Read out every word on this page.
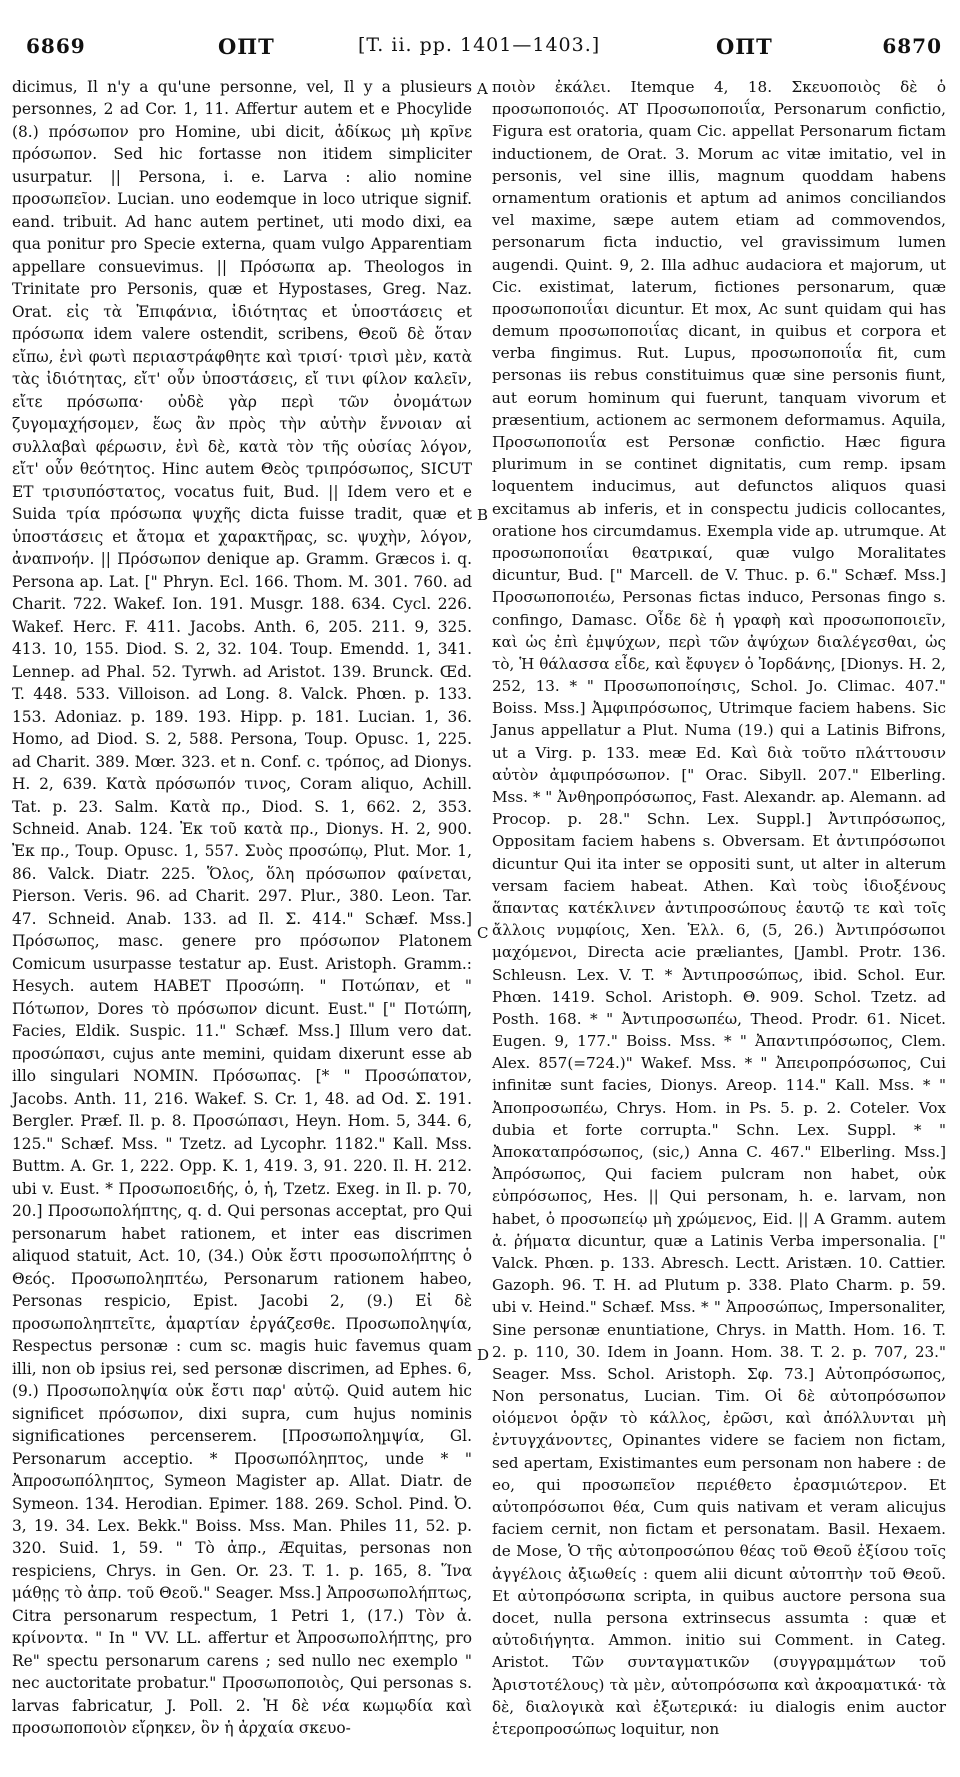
6869	ΟΠΤ	[T. ii. pp. 1401—1403.]	ΟΠΤ	6870
A
B
C
D

dicimus, Il n'y a qu'une personne, vel, Il y a plusieurs personnes, 2 ad Cor. 1, 11. Affertur autem et e Phocylide (8.) πρόσωπον pro Homine, ubi dicit, ἀδίκως μὴ κρῖνε πρόσωπον. Sed hic fortasse non itidem simpliciter usurpatur. || Persona, i. e. Larva : alio nomine προσωπεῖον. Lucian. uno eodemque in loco utrique signif. eand. tribuit. Ad hanc autem pertinet, uti modo dixi, ea qua ponitur pro Specie externa, quam vulgo Apparentiam appellare consuevimus. || Πρόσωπα ap. Theologos in Trinitate pro Personis, quæ et Hypostases, Greg. Naz. Orat. εἰς τὰ Ἐπιφάνια, ἰδιότητας et ὑποστάσεις et πρόσωπα idem valere ostendit, scribens, Θεοῦ δὲ ὅταν εἴπω, ἑνὶ φωτὶ περιαστράφθητε καὶ τρισί· τρισὶ μὲν, κατὰ τὰς ἰδιότητας, εἴτ' οὖν ὑποστάσεις, εἴ τινι φίλον καλεῖν, εἴτε πρόσωπα· οὐδὲ γὰρ περὶ τῶν ὀνομάτων ζυγομαχήσομεν, ἕως ἂν πρὸς τὴν αὐτὴν ἔννοιαν αἱ συλλαβαὶ φέρωσιν, ἑνὶ δὲ, κατὰ τὸν τῆς οὐσίας λόγον, εἴτ' οὖν θεότητος. Hinc autem Θεὸς τριπρόσωπος, SICUT ET τρισυπόστατος, vocatus fuit, Bud. || Idem vero et e Suida τρία πρόσωπα ψυχῆς dicta fuisse tradit, quæ et ὑποστάσεις et ἄτομα et χαρακτῆρας, sc. ψυχὴν, λόγον, ἀναπνοήν. || Πρόσωπον denique ap. Gramm. Græcos i. q. Persona ap. Lat. [" Phryn. Ecl. 166. Thom. M. 301. 760. ad Charit. 722. Wakef. Ion. 191. Musgr. 188. 634. Cycl. 226. Wakef. Herc. F. 411. Jacobs. Anth. 6, 205. 211. 9, 325. 413. 10, 155. Diod. S. 2, 32. 104. Toup. Emendd. 1, 341. Lennep. ad Phal. 52. Tyrwh. ad Aristot. 139. Brunck. Œd. T. 448. 533. Villoison. ad Long. 8. Valck. Phœn. p. 133. 153. Adoniaz. p. 189. 193. Hipp. p. 181. Lucian. 1, 36. Homo, ad Diod. S. 2, 588. Persona, Toup. Opusc. 1, 225. ad Charit. 389. Mœr. 323. et n. Conf. c. τρόπος, ad Dionys. H. 2, 639. Κατὰ πρόσωπόν τινος, Coram aliquo, Achill. Tat. p. 23. Salm. Κατὰ πρ., Diod. S. 1, 662. 2, 353. Schneid. Anab. 124. Ἐκ τοῦ κατὰ πρ., Dionys. H. 2, 900. Ἐκ πρ., Toup. Opusc. 1, 557. Συὸς προσώπῳ, Plut. Mor. 1, 86. Valck. Diatr. 225. Ὅλος, ὅλη πρόσωπον φαίνεται, Pierson. Veris. 96. ad Charit. 297. Plur., 380. Leon. Tar. 47. Schneid. Anab. 133. ad Il. Σ. 414." Schæf. Mss.] Πρόσωπος, masc. genere pro πρόσωπον Platonem Comicum usurpasse testatur ap. Eust. Aristoph. Gramm.: Hesych. autem HABET Προσώπη. " Ποτώπαν, et " Πότωπον, Dores τὸ πρόσωπον dicunt. Eust." [" Ποτώπη, Facies, Eldik. Suspic. 11." Schæf. Mss.] Illum vero dat. προσώπασι, cujus ante memini, quidam dixerunt esse ab illo singulari NOMIN. Πρόσωπας. [* " Προσώπατον, Jacobs. Anth. 11, 216. Wakef. S. Cr. 1, 48. ad Od. Σ. 191. Bergler. Præf. Il. p. 8. Προσώπασι, Heyn. Hom. 5, 344. 6, 125." Schæf. Mss. " Tzetz. ad Lycophr. 1182." Kall. Mss. Buttm. A. Gr. 1, 222. Opp. K. 1, 419. 3, 91. 220. Il. H. 212. ubi v. Eust. * Προσωποειδής, ὁ, ἡ, Tzetz. Exeg. in Il. p. 70, 20.] Προσωπολήπτης, q. d. Qui personas acceptat, pro Qui personarum habet rationem, et inter eas discrimen aliquod statuit, Act. 10, (34.) Οὐκ ἔστι προσωπολήπτης ὁ Θεός. Προσωποληπτέω, Personarum rationem habeo, Personas respicio, Epist. Jacobi 2, (9.) Εἰ δὲ προσωποληπτεῖτε, ἁμαρτίαν ἐργάζεσθε. Προσωποληψία, Respectus personæ : cum sc. magis huic favemus quam illi, non ob ipsius rei, sed personæ discrimen, ad Ephes. 6, (9.) Προσωποληψία οὐκ ἔστι παρ' αὐτῷ. Quid autem hic significet πρόσωπον, dixi supra, cum hujus nominis significationes percenserem. [Προσωποληµψία, Gl. Personarum acceptio. * Προσωπόληπτος, unde * " Ἀπροσωπόληπτος, Symeon Magister ap. Allat. Diatr. de Symeon. 134. Herodian. Epimer. 188. 269. Schol. Pind. Ὀ. 3, 19. 34. Lex. Bekk." Boiss. Mss. Man. Philes 11, 52. p. 320. Suid. 1, 59. " Τὸ ἀπρ., Æquitas, personas non respiciens, Chrys. in Gen. Or. 23. T. 1. p. 165, 8. Ἵνα μάθῃς τὸ ἀπρ. τοῦ Θεοῦ." Seager. Mss.] Ἀπροσωπολήπτως, Citra personarum respectum, 1 Petri 1, (17.) Τὸν ἀ. κρίνοντα. " In " VV. LL. affertur et Ἀπροσωπολήπτης, pro Re" spectu personarum carens ; sed nullo nec exemplo " nec auctoritate probatur." Προσωποποιὸς, Qui personas s. larvas fabricatur, J. Poll. 2. Ἡ δὲ νέα κωμῳδία καὶ προσωποποιὸν εἴρηκεν, ὃν ἡ ἀρχαία σκευο-

ποιὸν ἐκάλει. Itemque 4, 18. Σκευοποιὸς δὲ ὁ προσωποποιός. AT Προσωποποιΐα, Personarum confictio, Figura est oratoria, quam Cic. appellat Personarum fictam inductionem, de Orat. 3. Morum ac vitæ imitatio, vel in personis, vel sine illis, magnum quoddam habens ornamentum orationis et aptum ad animos conciliandos vel maxime, sæpe autem etiam ad commovendos, personarum ficta inductio, vel gravissimum lumen augendi. Quint. 9, 2. Illa adhuc audaciora et majorum, ut Cic. existimat, laterum, fictiones personarum, quæ προσωποποιΐαι dicuntur. Et mox, Ac sunt quidam qui has demum προσωποποιΐας dicant, in quibus et corpora et verba fingimus. Rut. Lupus, προσωποποιΐα fit, cum personas iis rebus constituimus quæ sine personis fiunt, aut eorum hominum qui fuerunt, tanquam vivorum et præsentium, actionem ac sermonem deformamus. Aquila, Προσωποποιΐα est Personæ confictio. Hæc figura plurimum in se continet dignitatis, cum remp. ipsam loquentem inducimus, aut defunctos aliquos quasi excitamus ab inferis, et in conspectu judicis collocantes, oratione hos circumdamus. Exempla vide ap. utrumque. At προσωποποιΐαι θεατρικαί, quæ vulgo Moralitates dicuntur, Bud. [" Marcell. de V. Thuc. p. 6." Schæf. Mss.] Προσωποποιέω, Personas fictas induco, Personas fingo s. confingo, Damasc. Οἶδε δὲ ἡ γραφὴ καὶ προσωποποιεῖν, καὶ ὡς ἐπὶ ἐμψύχων, περὶ τῶν ἀψύχων διαλέγεσθαι, ὡς τὸ, Ἡ θάλασσα εἶδε, καὶ ἔφυγεν ὁ Ἰορδάνης, [Dionys. H. 2, 252, 13. * " Προσωποποίησις, Schol. Jo. Climac. 407." Boiss. Mss.] Ἀμφιπρόσωπος, Utrimque faciem habens. Sic Janus appellatur a Plut. Numa (19.) qui a Latinis Bifrons, ut a Virg. p. 133. meæ Ed. Καὶ διὰ τοῦτο πλάττουσιν αὐτὸν ἀμφιπρόσωπον. [" Orac. Sibyll. 207." Elberling. Mss. * " Ἀνθηροπρόσωπος, Fast. Alexandr. ap. Alemann. ad Procop. p. 28." Schn. Lex. Suppl.] Ἀντιπρόσωπος, Oppositam faciem habens s. Obversam. Et ἀντιπρόσωποι dicuntur Qui ita inter se oppositi sunt, ut alter in alterum versam faciem habeat. Athen. Καὶ τοὺς ἰδιοξένους ἅπαντας κατέκλινεν ἀντιπροσώπους ἑαυτῷ τε καὶ τοῖς ἄλλοις νυμφίοις, Xen. Ἑλλ. 6, (5, 26.) Ἀντιπρόσωποι μαχόμενοι, Directa acie præliantes, [Jambl. Protr. 136. Schleusn. Lex. V. T. * Ἀντιπροσώπως, ibid. Schol. Eur. Phœn. 1419. Schol. Aristoph. Θ. 909. Schol. Tzetz. ad Posth. 168. * " Ἀντιπροσωπέω, Theod. Prodr. 61. Nicet. Eugen. 9, 177." Boiss. Mss. * " Ἀπαντιπρόσωπος, Clem. Alex. 857(=724.)" Wakef. Mss. * " Ἀπειροπρόσωπος, Cui infinitæ sunt facies, Dionys. Areop. 114." Kall. Mss. * " Ἀποπροσωπέω, Chrys. Hom. in Ps. 5. p. 2. Coteler. Vox dubia et forte corrupta." Schn. Lex. Suppl. * " Ἀποκαταπρόσωπος, (sic,) Anna C. 467." Elberling. Mss.] Ἀπρόσωπος, Qui faciem pulcram non habet, οὐκ εὐπρόσωπος, Hes. || Qui personam, h. e. larvam, non habet, ὁ προσωπείῳ μὴ χρώμενος, Eid. || A Gramm. autem ἀ. ῥήματα dicuntur, quæ a Latinis Verba impersonalia. [" Valck. Phœn. p. 133. Abresch. Lectt. Aristæn. 10. Cattier. Gazoph. 96. T. H. ad Plutum p. 338. Plato Charm. p. 59. ubi v. Heind." Schæf. Mss. * " Ἀπροσώπως, Impersonaliter, Sine personæ enuntiatione, Chrys. in Matth. Hom. 16. T. 2. p. 110, 30. Idem in Joann. Hom. 38. T. 2. p. 707, 23." Seager. Mss. Schol. Aristoph. Σφ. 73.] Αὐτοπρόσωπος, Non personatus, Lucian. Tim. Οἱ δὲ αὐτοπρόσωπον οἰόμενοι ὁρᾷν τὸ κάλλος, ἐρῶσι, καὶ ἀπόλλυνται μὴ ἐντυγχάνοντες, Opinantes videre se faciem non fictam, sed apertam, Existimantes eum personam non habere : de eo, qui προσωπεῖον περιέθετο ἐρασμιώτερον. Et αὐτοπρόσωποι θέα, Cum quis nativam et veram alicujus faciem cernit, non fictam et personatam. Basil. Hexaem. de Mose, Ὁ τῆς αὐτοπροσώπου θέας τοῦ Θεοῦ ἐξίσου τοῖς ἀγγέλοις ἀξιωθείς : quem alii dicunt αὐτοπτὴν τοῦ Θεοῦ. Et αὐτοπρόσωπα scripta, in quibus auctore persona sua docet, nulla persona extrinsecus assumta : quæ et αὐτοδιήγητα. Ammon. initio sui Comment. in Categ. Aristot. Τῶν συνταγματικῶν (συγγραμμάτων τοῦ Ἀριστοτέλους) τὰ μὲν, αὐτοπρόσωπα καὶ ἀκροαματικά· τὰ δὲ, διαλογικὰ καὶ ἐξωτερικά: iu dialogis enim auctor ἑτεροπροσώπως loquitur, non
